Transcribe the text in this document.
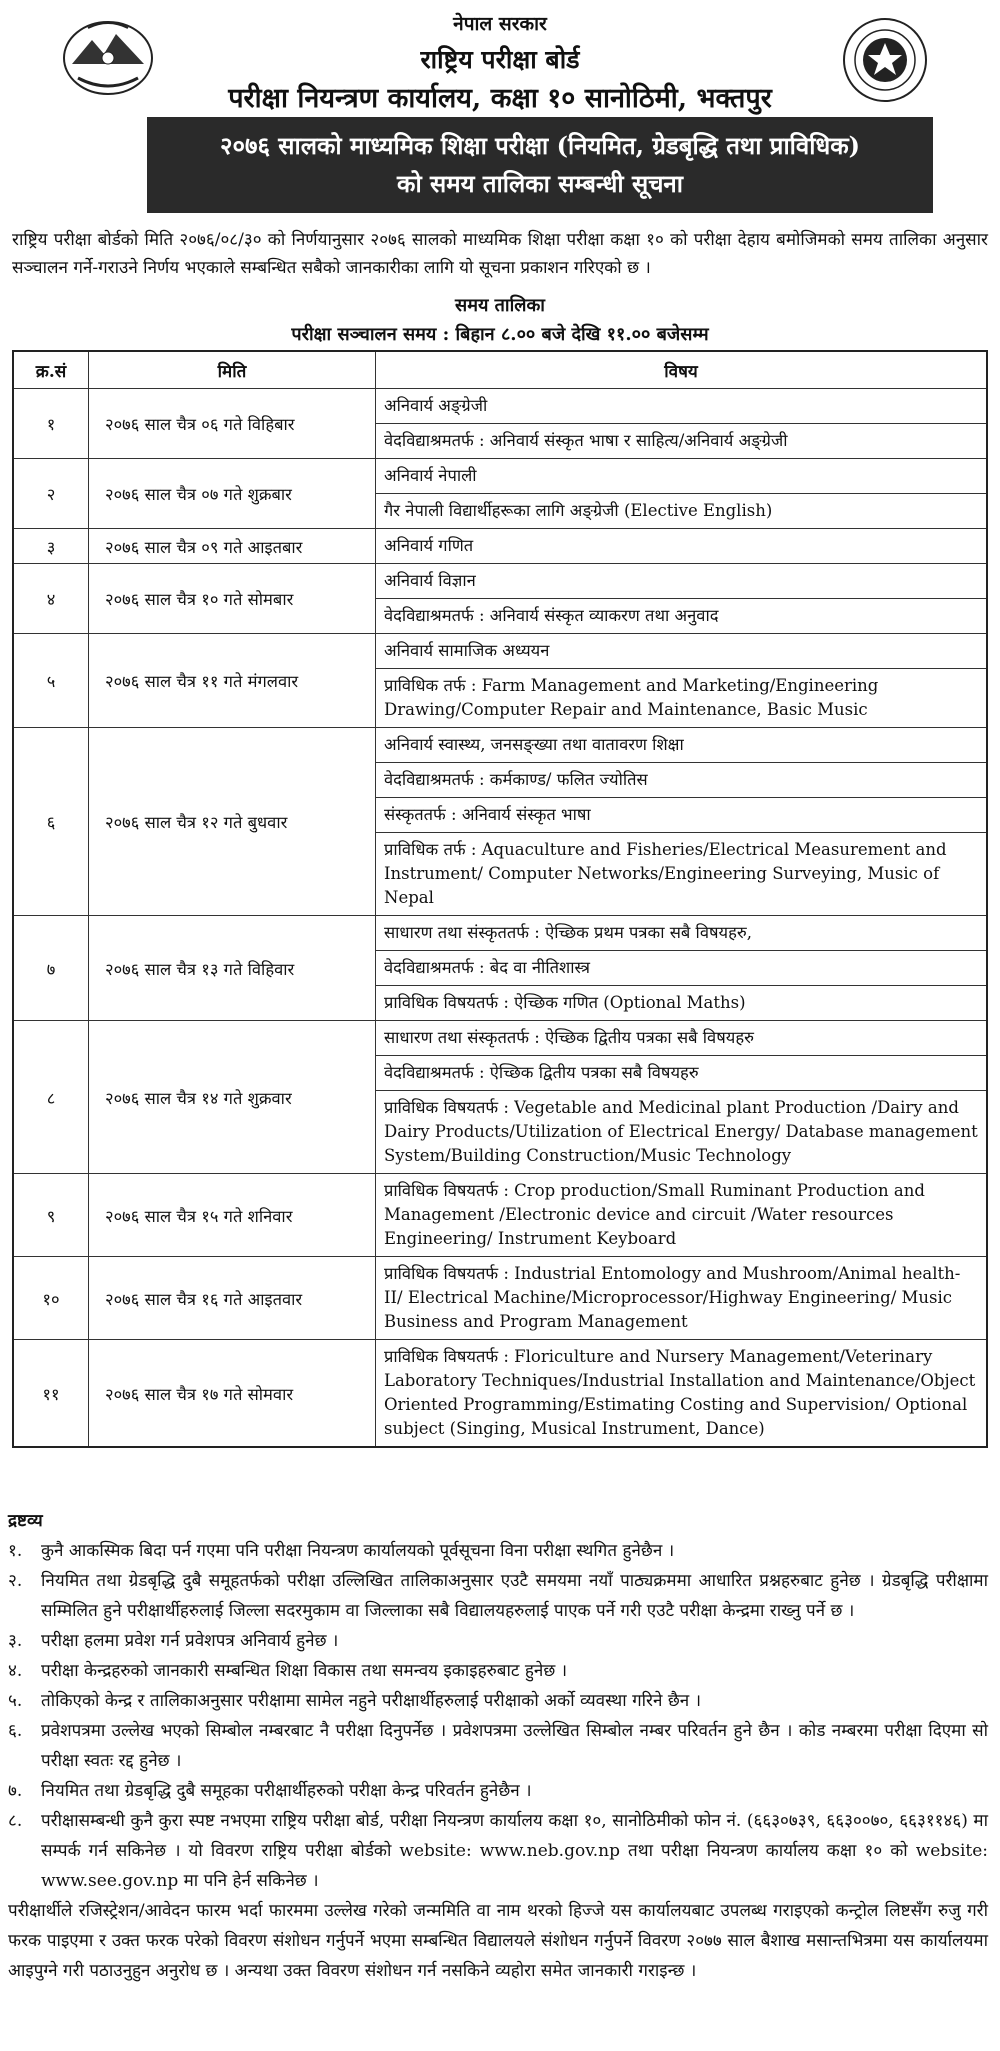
नेपाल सरकार
राष्ट्रिय परीक्षा बोर्ड
परीक्षा नियन्त्रण कार्यालय, कक्षा १० सानोठिमी, भक्तपुर
२०७६ सालको माध्यमिक शिक्षा परीक्षा (नियमित, ग्रेडबृद्धि तथा प्राविधिक)
को समय तालिका सम्बन्धी सूचना
राष्ट्रिय परीक्षा बोर्डको मिति २०७६/०८/३० को निर्णयानुसार २०७६ सालको माध्यमिक शिक्षा परीक्षा कक्षा १० को परीक्षा देहाय बमोजिमको समय तालिका अनुसार सञ्चालन गर्ने-गराउने निर्णय भएकाले सम्बन्धित सबैको जानकारीका लागि यो सूचना प्रकाशन गरिएको छ ।
समय तालिका
परीक्षा सञ्चालन समय : बिहान ८.०० बजे देखि ११.०० बजेसम्म
क्र.सं	मिति	विषय
१	२०७६ साल चैत्र ०६ गते विहिबार	अनिवार्य अङ्ग्रेजी
		वेदविद्याश्रमतर्फ : अनिवार्य संस्कृत भाषा र साहित्य/अनिवार्य अङ्ग्रेजी
२	२०७६ साल चैत्र ०७ गते शुक्रबार	अनिवार्य नेपाली
		गैर नेपाली विद्यार्थीहरूका लागि अङ्ग्रेजी (Elective English)
३	२०७६ साल चैत्र ०९ गते आइतबार	अनिवार्य गणित
४	२०७६ साल चैत्र १० गते सोमबार	अनिवार्य विज्ञान
		वेदविद्याश्रमतर्फ : अनिवार्य संस्कृत व्याकरण तथा अनुवाद
५	२०७६ साल चैत्र ११ गते मंगलवार	अनिवार्य सामाजिक अध्ययन
		प्राविधिक तर्फ : Farm Management and Marketing/Engineering Drawing/Computer Repair and Maintenance, Basic Music
६	२०७६ साल चैत्र १२ गते बुधवार	अनिवार्य स्वास्थ्य, जनसङ्ख्या तथा वातावरण शिक्षा
		वेदविद्याश्रमतर्फ : कर्मकाण्ड/ फलित ज्योतिस
		संस्कृततर्फ : अनिवार्य संस्कृत भाषा
		प्राविधिक तर्फ : Aquaculture and Fisheries/Electrical Measurement and Instrument/ Computer Networks/Engineering Surveying, Music of Nepal
७	२०७६ साल चैत्र १३ गते विहिवार	साधारण तथा संस्कृततर्फ : ऐच्छिक प्रथम पत्रका सबै विषयहरु,
		वेदविद्याश्रमतर्फ : बेद वा नीतिशास्त्र
		प्राविधिक विषयतर्फ : ऐच्छिक गणित (Optional Maths)
८	२०७६ साल चैत्र १४ गते शुक्रवार	साधारण तथा संस्कृततर्फ : ऐच्छिक द्वितीय पत्रका सबै विषयहरु
		वेदविद्याश्रमतर्फ : ऐच्छिक द्वितीय पत्रका सबै विषयहरु
		प्राविधिक विषयतर्फ : Vegetable and Medicinal plant Production /Dairy and Dairy Products/Utilization of Electrical Energy/ Database management System/Building Construction/Music Technology
९	२०७६ साल चैत्र १५ गते शनिवार	प्राविधिक विषयतर्फ : Crop production/Small Ruminant Production and Management /Electronic device and circuit /Water resources Engineering/ Instrument Keyboard
१०	२०७६ साल चैत्र १६ गते आइतवार	प्राविधिक विषयतर्फ : Industrial Entomology and Mushroom/Animal health-II/ Electrical Machine/Microprocessor/Highway Engineering/ Music Business and Program Management
११	२०७६ साल चैत्र १७ गते सोमवार	प्राविधिक विषयतर्फ : Floriculture and Nursery Management/Veterinary Laboratory Techniques/Industrial Installation and Maintenance/Object Oriented Programming/Estimating Costing and Supervision/ Optional subject (Singing, Musical Instrument, Dance)
द्रष्टव्य
१.	कुनै आकस्मिक बिदा पर्न गएमा पनि परीक्षा नियन्त्रण कार्यालयको पूर्वसूचना विना परीक्षा स्थगित हुनेछैन ।
२.	नियमित तथा ग्रेडबृद्धि दुबै समूहतर्फको परीक्षा उल्लिखित तालिकाअनुसार एउटै समयमा नयाँ पाठ्यक्रममा आधारित प्रश्नहरुबाट हुनेछ । ग्रेडबृद्धि परीक्षामा सम्मिलित हुने परीक्षार्थीहरुलाई जिल्ला सदरमुकाम वा जिल्लाका सबै विद्यालयहरुलाई पाएक पर्ने गरी एउटै परीक्षा केन्द्रमा राख्नु पर्ने छ ।
३.	परीक्षा हलमा प्रवेश गर्न प्रवेशपत्र अनिवार्य हुनेछ ।
४.	परीक्षा केन्द्रहरुको जानकारी सम्बन्धित शिक्षा विकास तथा समन्वय इकाइहरुबाट हुनेछ ।
५.	तोकिएको केन्द्र र तालिकाअनुसार परीक्षामा सामेल नहुने परीक्षार्थीहरुलाई परीक्षाको अर्को व्यवस्था गरिने छैन ।
६.	प्रवेशपत्रमा उल्लेख भएको सिम्बोल नम्बरबाट नै परीक्षा दिनुपर्नेछ । प्रवेशपत्रमा उल्लेखित सिम्बोल नम्बर परिवर्तन हुने छैन । कोड नम्बरमा परीक्षा दिएमा सो परीक्षा स्वतः रद्द हुनेछ ।
७.	नियमित तथा ग्रेडबृद्धि दुबै समूहका परीक्षार्थीहरुको परीक्षा केन्द्र परिवर्तन हुनेछैन ।
८.	परीक्षासम्बन्धी कुनै कुरा स्पष्ट नभएमा राष्ट्रिय परीक्षा बोर्ड, परीक्षा नियन्त्रण कार्यालय कक्षा १०, सानोठिमीको फोन नं. (६६३०७३९, ६६३००७०, ६६३११४६) मा सम्पर्क गर्न सकिनेछ । यो विवरण राष्ट्रिय परीक्षा बोर्डको website: www.neb.gov.np तथा परीक्षा नियन्त्रण कार्यालय कक्षा १० को website: www.see.gov.np मा पनि हेर्न सकिनेछ ।
परीक्षार्थीले रजिस्ट्रेशन/आवेदन फारम भर्दा फारममा उल्लेख गरेको जन्ममिति वा नाम थरको हिज्जे यस कार्यालयबाट उपलब्ध गराइएको कन्ट्रोल लिष्टसँग रुजु गरी फरक पाइएमा र उक्त फरक परेको विवरण संशोधन गर्नुपर्ने भएमा सम्बन्धित विद्यालयले संशोधन गर्नुपर्ने विवरण २०७७ साल बैशाख मसान्तभित्रमा यस कार्यालयमा आइपुग्ने गरी पठाउनुहुन अनुरोध छ । अन्यथा उक्त विवरण संशोधन गर्न नसकिने व्यहोरा समेत जानकारी गराइन्छ ।
